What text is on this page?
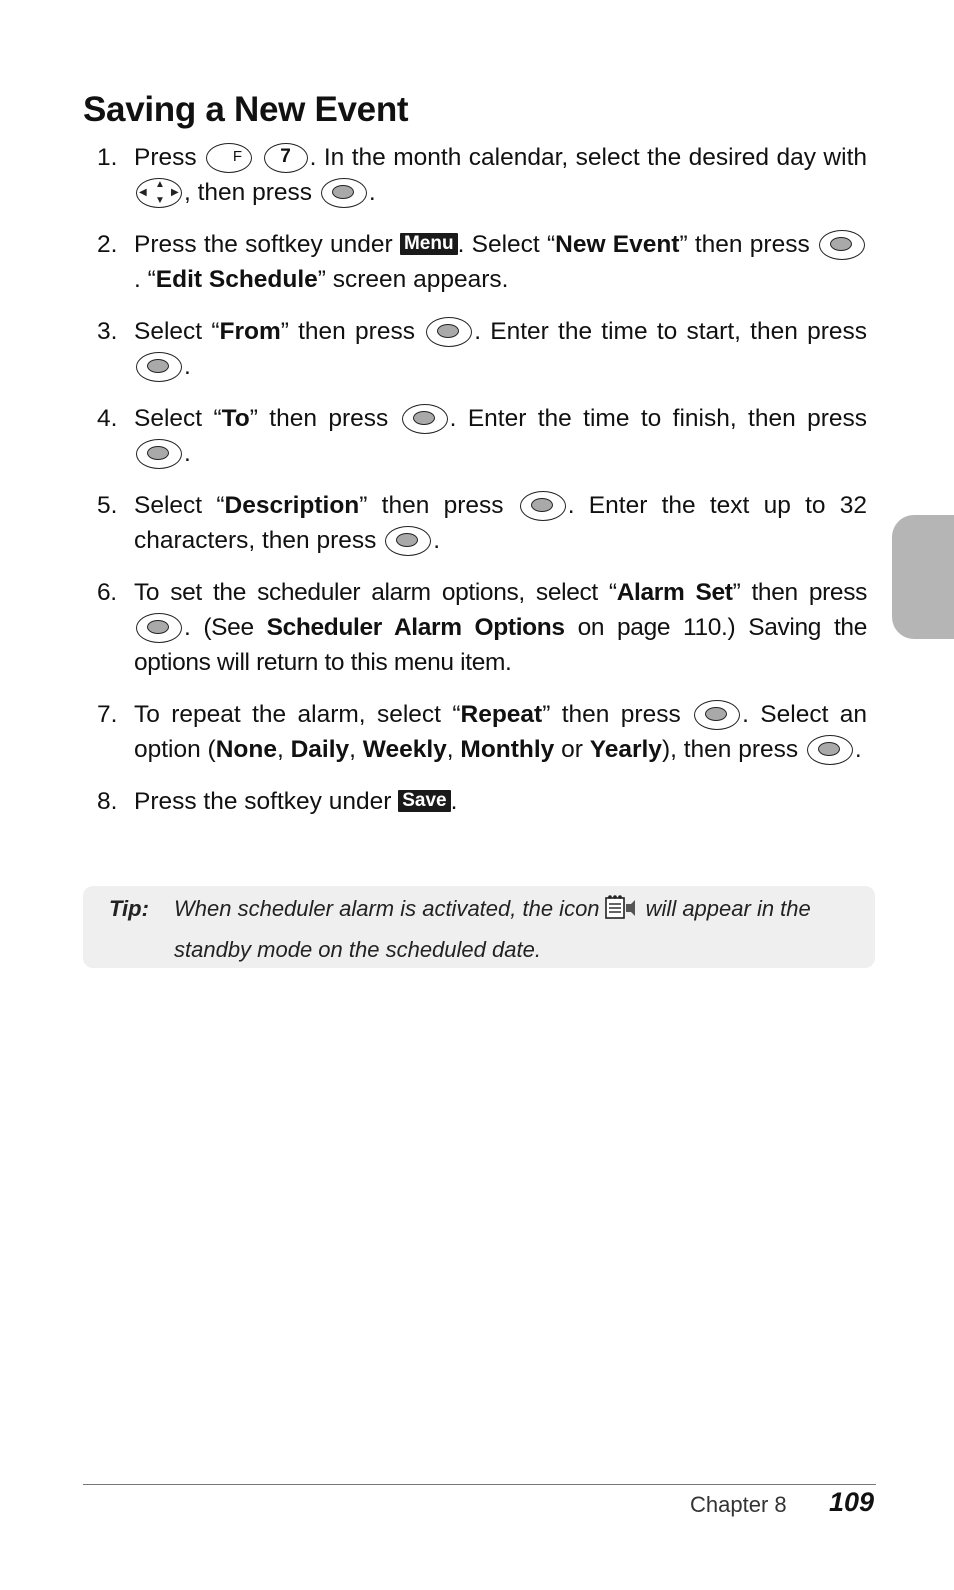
Saving a New Event
1. Press F
	7 . In the month calendar, select the desired day with
▲
▼
◀ ▶ , then press
.
2. Press the softkey under Menu . Select “New Event” then press
. “Edit Schedule” screen appears.
3. Select “From” then press
. Enter the time to start, then press
.
4. Select “To” then press
. Enter the time to finish, then press
.
5. Select “Description” then press
. Enter the text up to 32 characters, then press
.
6. To set the scheduler alarm options, select “Alarm Set” then press
. (See Scheduler Alarm Options on page 110.) Saving the options will return to this menu item.
7. To repeat the alarm, select “Repeat” then press
. Select an option (None, Daily, Weekly, Monthly or Yearly), then press
.
8. Press the softkey under Save .
Tip: When scheduler alarm is activated, the icon will appear in the standby mode on the scheduled date.
Chapter 8 109
